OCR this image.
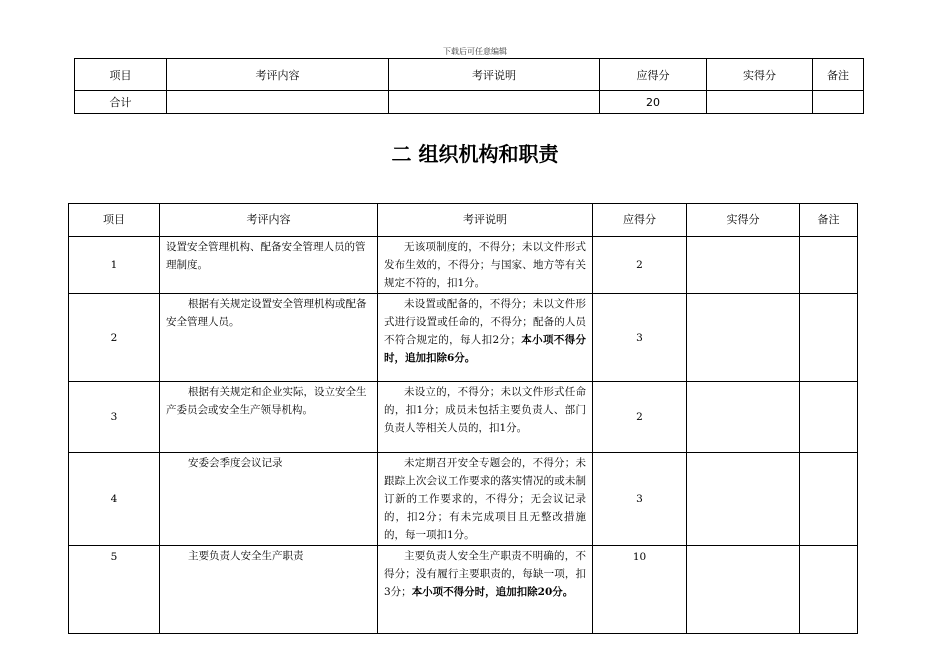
下载后可任意编辑
项目	考评内容	考评说明	应得分	实得分	备注
合计			20		
二 组织机构和职责
项目	考评内容	考评说明	应得分	实得分	备注
1	设置安全管理机构、配备安全管理人员的管理制度。	无该项制度的，不得分；未以文件形式发布生效的，不得分；与国家、地方等有关规定不符的，扣1分。	2		
2	根据有关规定设置安全管理机构或配备安全管理人员。	未设置或配备的，不得分；未以文件形式进行设置或任命的，不得分；配备的人员不符合规定的，每人扣2分；本小项不得分时，追加扣除6分。	3		
3	根据有关规定和企业实际，设立安全生产委员会或安全生产领导机构。	未设立的，不得分；未以文件形式任命的，扣1分；成员未包括主要负责人、部门负责人等相关人员的，扣1分。	2		
4	安委会季度会议记录	未定期召开安全专题会的，不得分；未跟踪上次会议工作要求的落实情况的或未制订新的工作要求的，不得分；无会议记录的，扣2分；有未完成项目且无整改措施的，每一项扣1分。	3		
5	主要负责人安全生产职责	主要负责人安全生产职责不明确的，不得分；没有履行主要职责的，每缺一项，扣3分；本小项不得分时，追加扣除20分。	10		
